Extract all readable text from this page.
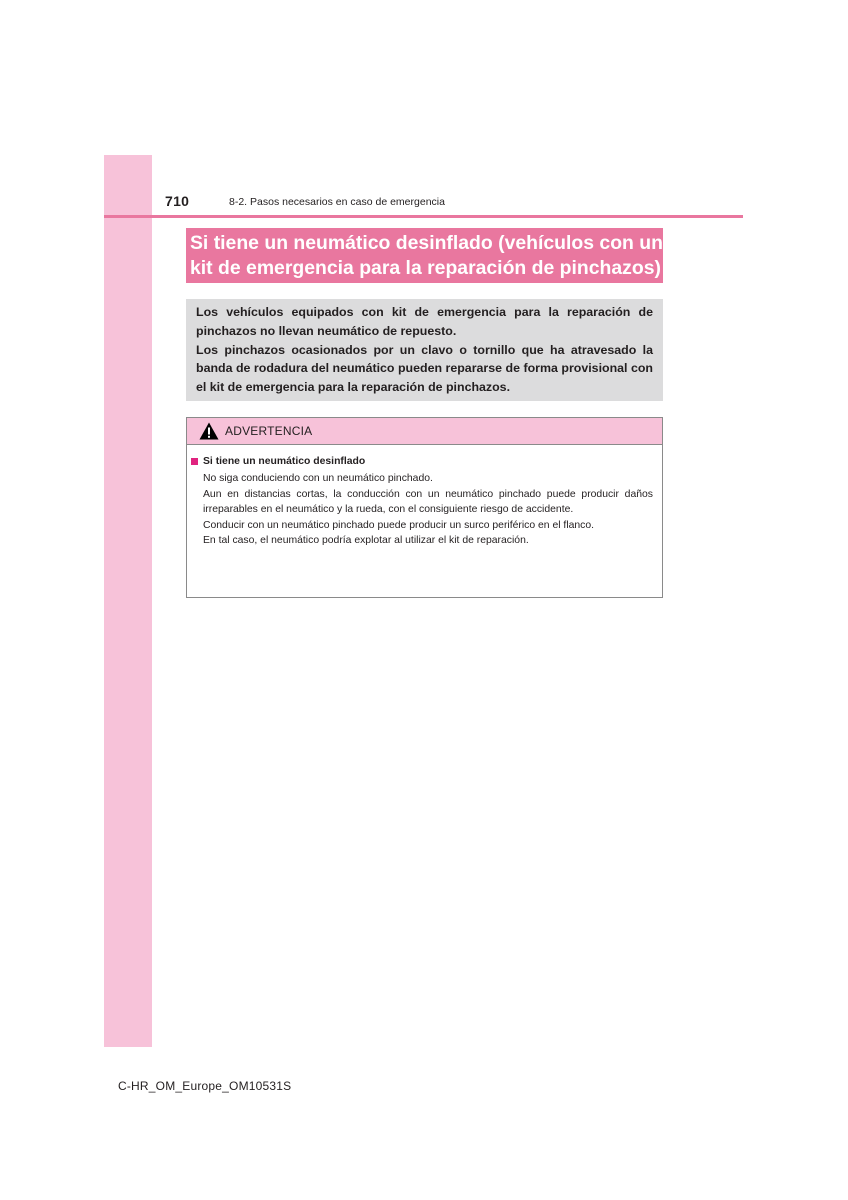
710	8-2. Pasos necesarios en caso de emergencia
Si tiene un neumático desinflado (vehículos con un
kit de emergencia para la reparación de pinchazos)

Los vehículos equipados con kit de emergencia para la reparación de pinchazos no llevan neumático de repuesto.

Los pinchazos ocasionados por un clavo o tornillo que ha atravesado la banda de rodadura del neumático pueden repararse de forma provisional con el kit de emergencia para la reparación de pinchazos.

ADVERTENCIA
Si tiene un neumático desinflado

No siga conduciendo con un neumático pinchado.

Aun en distancias cortas, la conducción con un neumático pinchado puede producir daños irreparables en el neumático y la rueda, con el consiguiente riesgo de accidente.

Conducir con un neumático pinchado puede producir un surco periférico en el flanco.

En tal caso, el neumático podría explotar al utilizar el kit de reparación.

C-HR_OM_Europe_OM10531S
